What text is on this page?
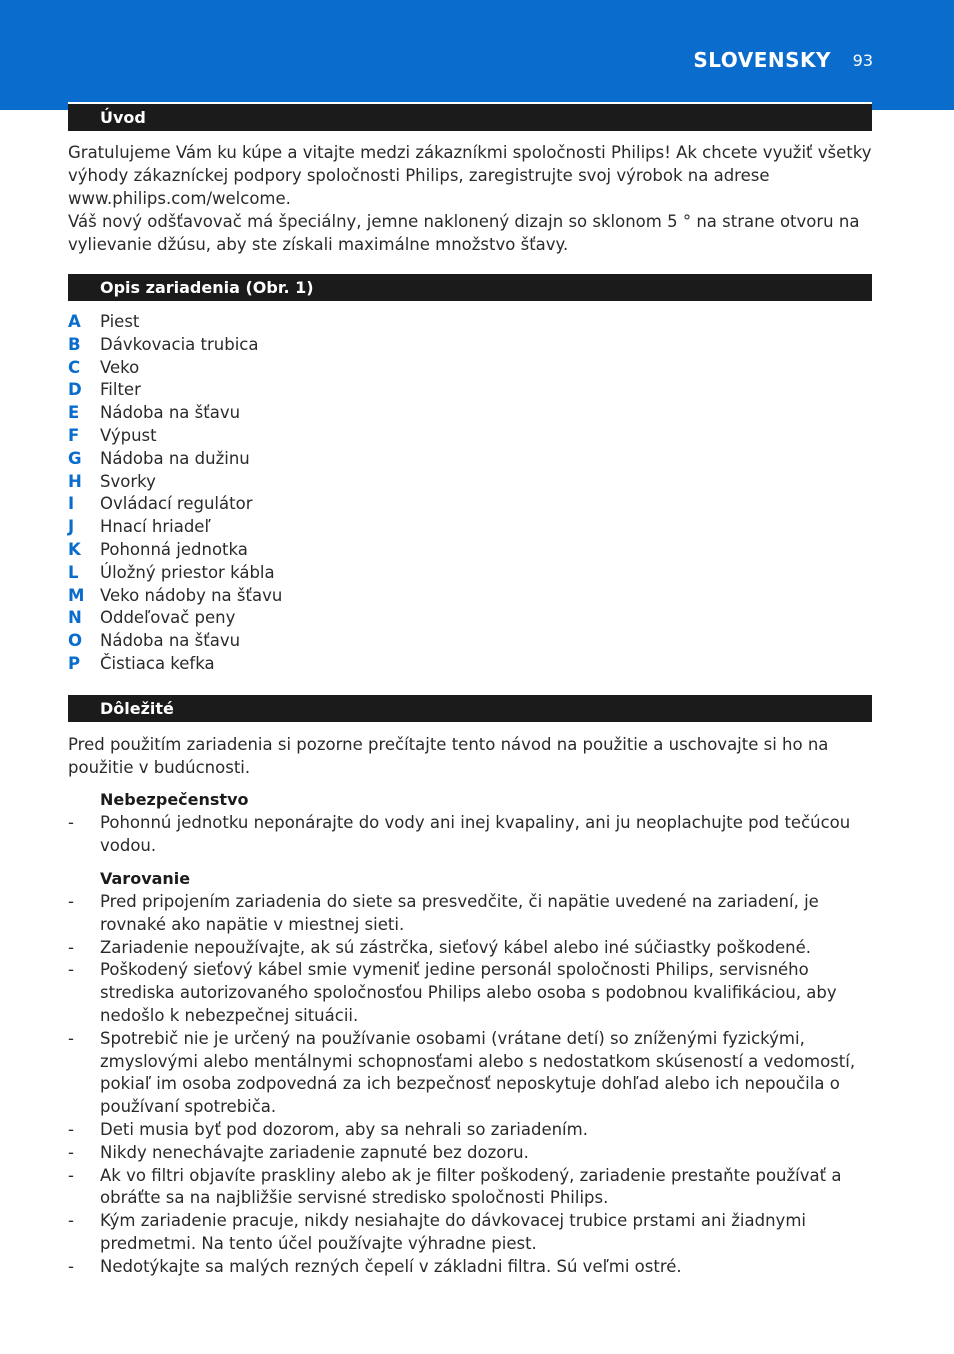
SLOVENSKY 93
Úvod

Gratulujeme Vám ku kúpe a vitajte medzi zákazníkmi spoločnosti Philips! Ak chcete využiť všetky výhody zákazníckej podpory spoločnosti Philips, zaregistrujte svoj výrobok na adrese www.philips.com/welcome.

Váš nový odšťavovač má špeciálny, jemne naklonený dizajn so sklonom 5 ° na strane otvoru na vylievanie džúsu, aby ste získali maximálne množstvo šťavy.

Opis zariadenia (Obr. 1)
A Piest
B Dávkovacia trubica
C Veko
D Filter
E Nádoba na šťavu
F Výpust
G Nádoba na dužinu
H Svorky
I Ovládací regulátor
J Hnací hriadeľ
K Pohonná jednotka
L Úložný priestor kábla
M Veko nádoby na šťavu
N Oddeľovač peny
O Nádoba na šťavu
P Čistiaca kefka
Dôležité

Pred použitím zariadenia si pozorne prečítajte tento návod na použitie a uschovajte si ho na použitie v budúcnosti.

Nebezpečenstvo
- Pohonnú jednotku neponárajte do vody ani inej kvapaliny, ani ju neoplachujte pod tečúcou vodou.
Varovanie
- Pred pripojením zariadenia do siete sa presvedčite, či napätie uvedené na zariadení, je rovnaké ako napätie v miestnej sieti.
- Zariadenie nepoužívajte, ak sú zástrčka, sieťový kábel alebo iné súčiastky poškodené.
- Poškodený sieťový kábel smie vymeniť jedine personál spoločnosti Philips, servisného strediska autorizovaného spoločnosťou Philips alebo osoba s podobnou kvalifikáciou, aby nedošlo k nebezpečnej situácii.
- Spotrebič nie je určený na používanie osobami (vrátane detí) so zníženými fyzickými, zmyslovými alebo mentálnymi schopnosťami alebo s nedostatkom skúseností a vedomostí, pokiaľ im osoba zodpovedná za ich bezpečnosť neposkytuje dohľad alebo ich nepoučila o používaní spotrebiča.
- Deti musia byť pod dozorom, aby sa nehrali so zariadením.
- Nikdy nenechávajte zariadenie zapnuté bez dozoru.
- Ak vo filtri objavíte praskliny alebo ak je filter poškodený, zariadenie prestaňte používať a obráťte sa na najbližšie servisné stredisko spoločnosti Philips.
- Kým zariadenie pracuje, nikdy nesiahajte do dávkovacej trubice prstami ani žiadnymi predmetmi. Na tento účel používajte výhradne piest.
- Nedotýkajte sa malých rezných čepelí v základni filtra. Sú veľmi ostré.
